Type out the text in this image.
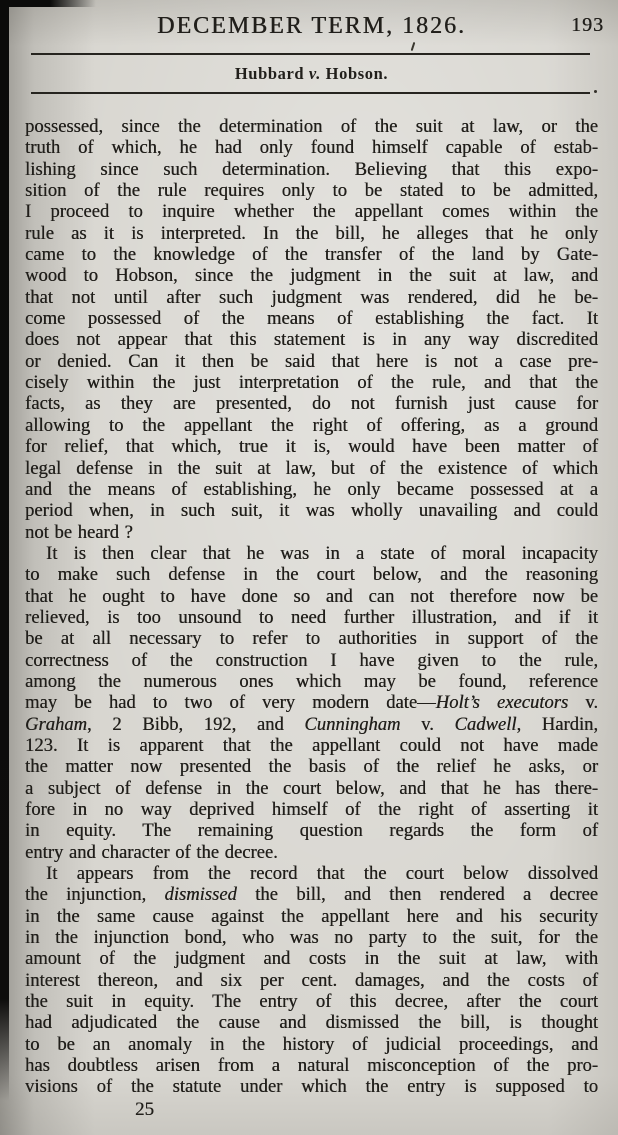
DECEMBER TERM, 1826.	193
Hubbard v. Hobson.
possessed, since the determination of the suit at law, or the
truth of which, he had only found himself capable of estab-
lishing since such determination. Believing that this expo-
sition of the rule requires only to be stated to be admitted,
I proceed to inquire whether the appellant comes within the
rule as it is interpreted. In the bill, he alleges that he only
came to the knowledge of the transfer of the land by Gate-
wood to Hobson, since the judgment in the suit at law, and
that not until after such judgment was rendered, did he be-
come possessed of the means of establishing the fact. It
does not appear that this statement is in any way discredited
or denied. Can it then be said that here is not a case pre-
cisely within the just interpretation of the rule, and that the
facts, as they are presented, do not furnish just cause for
allowing to the appellant the right of offering, as a ground
for relief, that which, true it is, would have been matter of
legal defense in the suit at law, but of the existence of which
and the means of establishing, he only became possessed at a
period when, in such suit, it was wholly unavailing and could
not be heard ?
It is then clear that he was in a state of moral incapacity
to make such defense in the court below, and the reasoning
that he ought to have done so and can not therefore now be
relieved, is too unsound to need further illustration, and if it
be at all necessary to refer to authorities in support of the
correctness of the construction I have given to the rule,
among the numerous ones which may be found, reference
may be had to two of very modern date—Holt’s executors v.
Graham, 2 Bibb, 192, and Cunningham v. Cadwell, Hardin,
123. It is apparent that the appellant could not have made
the matter now presented the basis of the relief he asks, or
a subject of defense in the court below, and that he has there-
fore in no way deprived himself of the right of asserting it
in equity. The remaining question regards the form of
entry and character of the decree.
It appears from the record that the court below dissolved
the injunction, dismissed the bill, and then rendered a decree
in the same cause against the appellant here and his security
in the injunction bond, who was no party to the suit, for the
amount of the judgment and costs in the suit at law, with
interest thereon, and six per cent. damages, and the costs of
the suit in equity. The entry of this decree, after the court
had adjudicated the cause and dismissed the bill, is thought
to be an anomaly in the history of judicial proceedings, and
has doubtless arisen from a natural misconception of the pro-
visions of the statute under which the entry is supposed to
25
